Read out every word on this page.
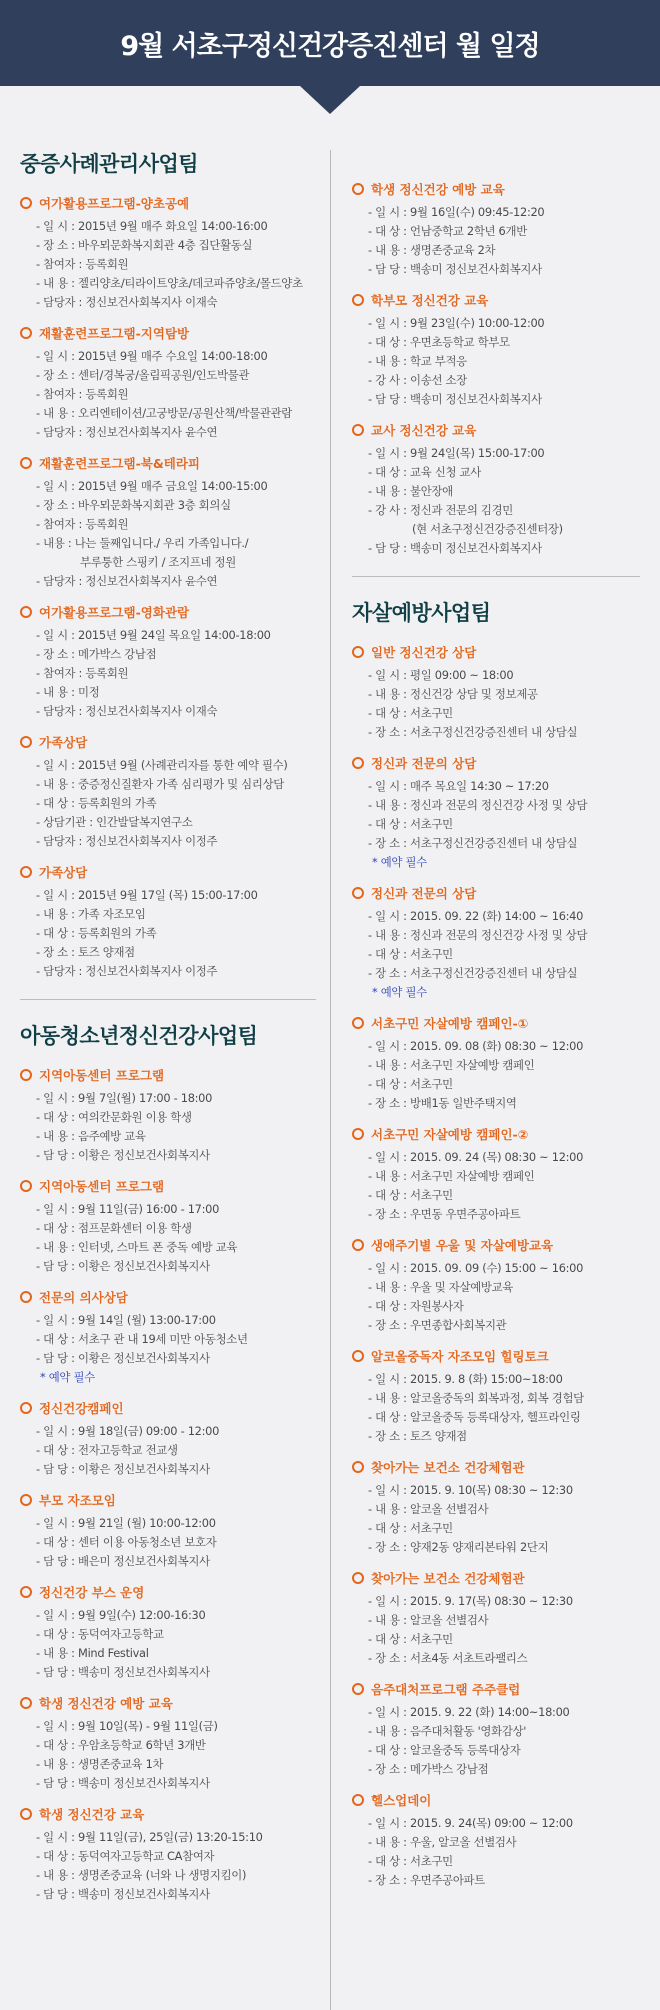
9월 서초구정신건강증진센터 월 일정
중증사례관리사업팀
여가활용프로그램-양초공예
- 일 시 : 2015년 9월 매주 화요일 14:00-16:00
- 장 소 : 바우뫼문화복지회관 4층 집단활동실
- 참여자 : 등록회원
- 내 용 : 젤리양초/티라이트양초/데코파쥬양초/몰드양초
- 담당자 : 정신보건사회복지사 이재숙
재활훈련프로그램-지역탐방
- 일 시 : 2015년 9월 매주 수요일 14:00-18:00
- 장 소 : 센터/경복궁/올림픽공원/인도박물관
- 참여자 : 등록회원
- 내 용 : 오리엔테이션/고궁방문/공원산책/박물관관람
- 담당자 : 정신보건사회복지사 윤수연
재활훈련프로그램-북&테라피
- 일 시 : 2015년 9월 매주 금요일 14:00-15:00
- 장 소 : 바우뫼문화복지회관 3층 회의실
- 참여자 : 등록회원
- 내용 : 나는 둘째입니다./ 우리 가족입니다./
부루퉁한 스핑키 / 조지프네 정원
- 담당자 : 정신보건사회복지사 윤수연
여가활용프로그램-영화관람
- 일 시 : 2015년 9월 24일 목요일 14:00-18:00
- 장 소 : 메가박스 강남점
- 참여자 : 등록회원
- 내 용 : 미정
- 담당자 : 정신보건사회복지사 이재숙
가족상담
- 일 시 : 2015년 9월 (사례관리자를 통한 예약 필수)
- 내 용 : 중증정신질환자 가족 심리평가 및 심리상담
- 대 상 : 등록회원의 가족
- 상담기관 : 인간발달복지연구소
- 담당자 : 정신보건사회복지사 이정주
가족상담
- 일 시 : 2015년 9월 17일 (목) 15:00-17:00
- 내 용 : 가족 자조모임
- 대 상 : 등록회원의 가족
- 장 소 : 토즈 양재점
- 담당자 : 정신보건사회복지사 이정주
아동청소년정신건강사업팀
지역아동센터 프로그램
- 일 시 : 9월 7일(월) 17:00 - 18:00
- 대 상 : 여의칸문화원 이용 학생
- 내 용 : 음주예방 교육
- 담 당 : 이황은 정신보건사회복지사
지역아동센터 프로그램
- 일 시 : 9월 11일(금) 16:00 - 17:00
- 대 상 : 점프문화센터 이용 학생
- 내 용 : 인터넷, 스마트 폰 중독 예방 교육
- 담 당 : 이황은 정신보건사회복지사
전문의 의사상담
- 일 시 : 9월 14일 (월) 13:00-17:00
- 대 상 : 서초구 관 내 19세 미만 아동청소년
- 담 당 : 이황은 정신보건사회복지사
* 예약 필수
정신건강캠페인
- 일 시 : 9월 18일(금) 09:00 - 12:00
- 대 상 : 전자고등학교 전교생
- 담 당 : 이황은 정신보건사회복지사
부모 자조모임
- 일 시 : 9월 21일 (월) 10:00-12:00
- 대 상 : 센터 이용 아동청소년 보호자
- 담 당 : 배은미 정신보건사회복지사
정신건강 부스 운영
- 일 시 : 9월 9일(수) 12:00-16:30
- 대 상 : 동덕여자고등학교
- 내 용 : Mind Festival
- 담 당 : 백송미 정신보건사회복지사
학생 정신건강 예방 교육
- 일 시 : 9월 10일(목) - 9월 11일(금)
- 대 상 : 우암초등학교 6학년 3개반
- 내 용 : 생명존중교육 1차
- 담 당 : 백송미 정신보건사회복지사
학생 정신건강 교육
- 일 시 : 9월 11일(금), 25일(금) 13:20-15:10
- 대 상 : 동덕여자고등학교 CA참여자
- 내 용 : 생명존중교육 (너와 나 생명지킴이)
- 담 당 : 백송미 정신보건사회복지사
학생 정신건강 예방 교육
- 일 시 : 9월 16일(수) 09:45-12:20
- 대 상 : 언남중학교 2학년 6개반
- 내 용 : 생명존중교육 2차
- 담 당 : 백송미 정신보건사회복지사
학부모 정신건강 교육
- 일 시 : 9월 23일(수) 10:00-12:00
- 대 상 : 우면초등학교 학부모
- 내 용 : 학교 부적응
- 강 사 : 이송선 소장
- 담 당 : 백송미 정신보건사회복지사
교사 정신건강 교육
- 일 시 : 9월 24일(목) 15:00-17:00
- 대 상 : 교육 신청 교사
- 내 용 : 불안장애
- 강 사 : 정신과 전문의 김경민
(현 서초구정신건강증진센터장)
- 담 당 : 백송미 정신보건사회복지사
자살예방사업팀
일반 정신건강 상담
- 일 시 : 평일 09:00 ~ 18:00
- 내 용 : 정신건강 상담 및 정보제공
- 대 상 : 서초구민
- 장 소 : 서초구정신건강증진센터 내 상담실
정신과 전문의 상담
- 일 시 : 매주 목요일 14:30 ~ 17:20
- 내 용 : 정신과 전문의 정신건강 사정 및 상담
- 대 상 : 서초구민
- 장 소 : 서초구정신건강증진센터 내 상담실
* 예약 필수
정신과 전문의 상담
- 일 시 : 2015. 09. 22 (화) 14:00 ~ 16:40
- 내 용 : 정신과 전문의 정신건강 사정 및 상담
- 대 상 : 서초구민
- 장 소 : 서초구정신건강증진센터 내 상담실
* 예약 필수
서초구민 자살예방 캠페인-①
- 일 시 : 2015. 09. 08 (화) 08:30 ~ 12:00
- 내 용 : 서초구민 자살예방 캠페인
- 대 상 : 서초구민
- 장 소 : 방배1동 일반주택지역
서초구민 자살예방 캠페인-②
- 일 시 : 2015. 09. 24 (목) 08:30 ~ 12:00
- 내 용 : 서초구민 자살예방 캠페인
- 대 상 : 서초구민
- 장 소 : 우면동 우면주공아파트
생애주기별 우울 및 자살예방교육
- 일 시 : 2015. 09. 09 (수) 15:00 ~ 16:00
- 내 용 : 우울 및 자살예방교육
- 대 상 : 자원봉사자
- 장 소 : 우면종합사회복지관
알코올중독자 자조모임 힐링토크
- 일 시 : 2015. 9. 8 (화) 15:00~18:00
- 내 용 : 알코올중독의 회복과정, 회복 경험담
- 대 상 : 알코올중독 등록대상자, 헬프라인링
- 장 소 : 토즈 양재점
찾아가는 보건소 건강체험관
- 일 시 : 2015. 9. 10(목) 08:30 ~ 12:30
- 내 용 : 알코올 선별검사
- 대 상 : 서초구민
- 장 소 : 양재2동 양재리본타워 2단지
찾아가는 보건소 건강체험관
- 일 시 : 2015. 9. 17(목) 08:30 ~ 12:30
- 내 용 : 알코올 선별검사
- 대 상 : 서초구민
- 장 소 : 서초4동 서초트라팰리스
음주대처프로그램 주주클럽
- 일 시 : 2015. 9. 22 (화) 14:00~18:00
- 내 용 : 음주대처활동 '영화감상'
- 대 상 : 알코올중독 등록대상자
- 장 소 : 메가박스 강남점
헬스업데이
- 일 시 : 2015. 9. 24(목) 09:00 ~ 12:00
- 내 용 : 우울, 알코올 선별검사
- 대 상 : 서초구민
- 장 소 : 우면주공아파트
